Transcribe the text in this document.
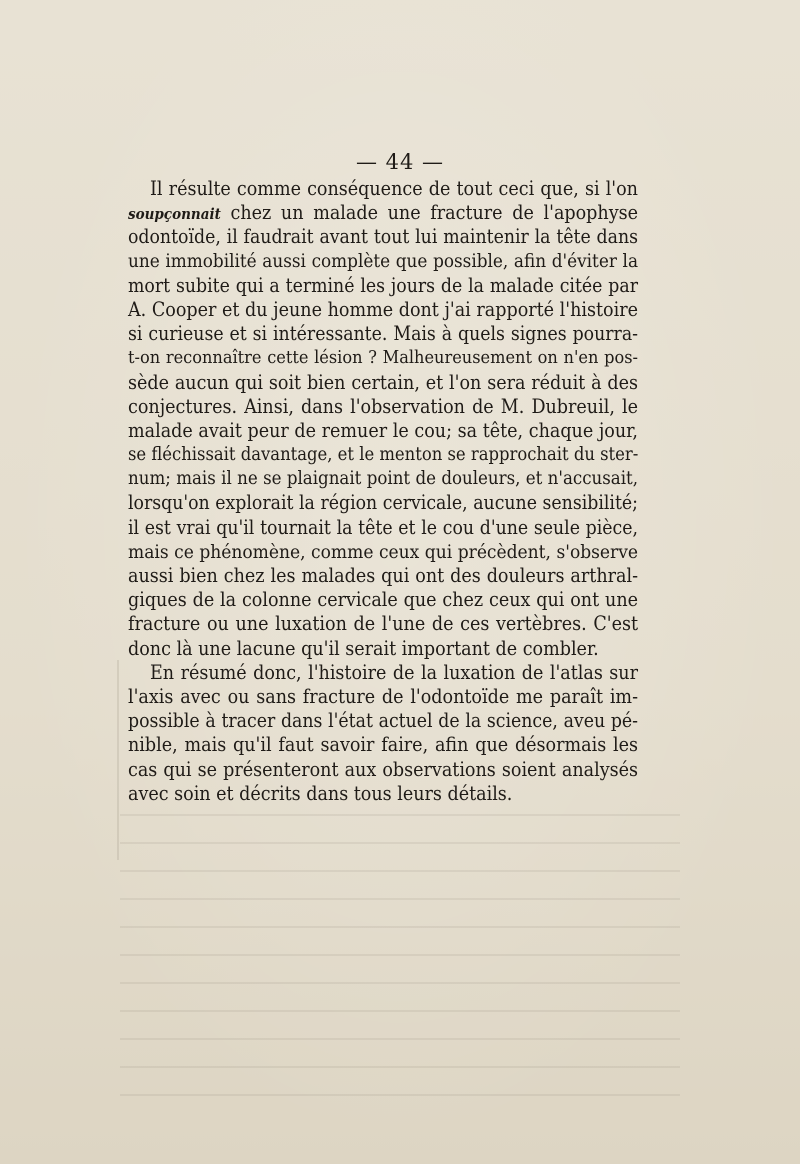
— 44 —
Il résulte comme conséquence de tout ceci que, si l'on
soupçonnait chez un malade une fracture de l'apophyse
odontoïde, il faudrait avant tout lui maintenir la tête dans
une immobilité aussi complète que possible, afin d'éviter la
mort subite qui a terminé les jours de la malade citée par
A. Cooper et du jeune homme dont j'ai rapporté l'histoire
si curieuse et si intéressante. Mais à quels signes pourra-
t-on reconnaître cette lésion ? Malheureusement on n'en pos-
sède aucun qui soit bien certain, et l'on sera réduit à des
conjectures. Ainsi, dans l'observation de M. Dubreuil, le
malade avait peur de remuer le cou; sa tête, chaque jour,
se fléchissait davantage, et le menton se rapprochait du ster-
num; mais il ne se plaignait point de douleurs, et n'accusait,
lorsqu'on explorait la région cervicale, aucune sensibilité;
il est vrai qu'il tournait la tête et le cou d'une seule pièce,
mais ce phénomène, comme ceux qui précèdent, s'observe
aussi bien chez les malades qui ont des douleurs arthral-
giques de la colonne cervicale que chez ceux qui ont une
fracture ou une luxation de l'une de ces vertèbres. C'est
donc là une lacune qu'il serait important de combler.
En résumé donc, l'histoire de la luxation de l'atlas sur
l'axis avec ou sans fracture de l'odontoïde me paraît im-
possible à tracer dans l'état actuel de la science, aveu pé-
nible, mais qu'il faut savoir faire, afin que désormais les
cas qui se présenteront aux observations soient analysés
avec soin et décrits dans tous leurs détails.
